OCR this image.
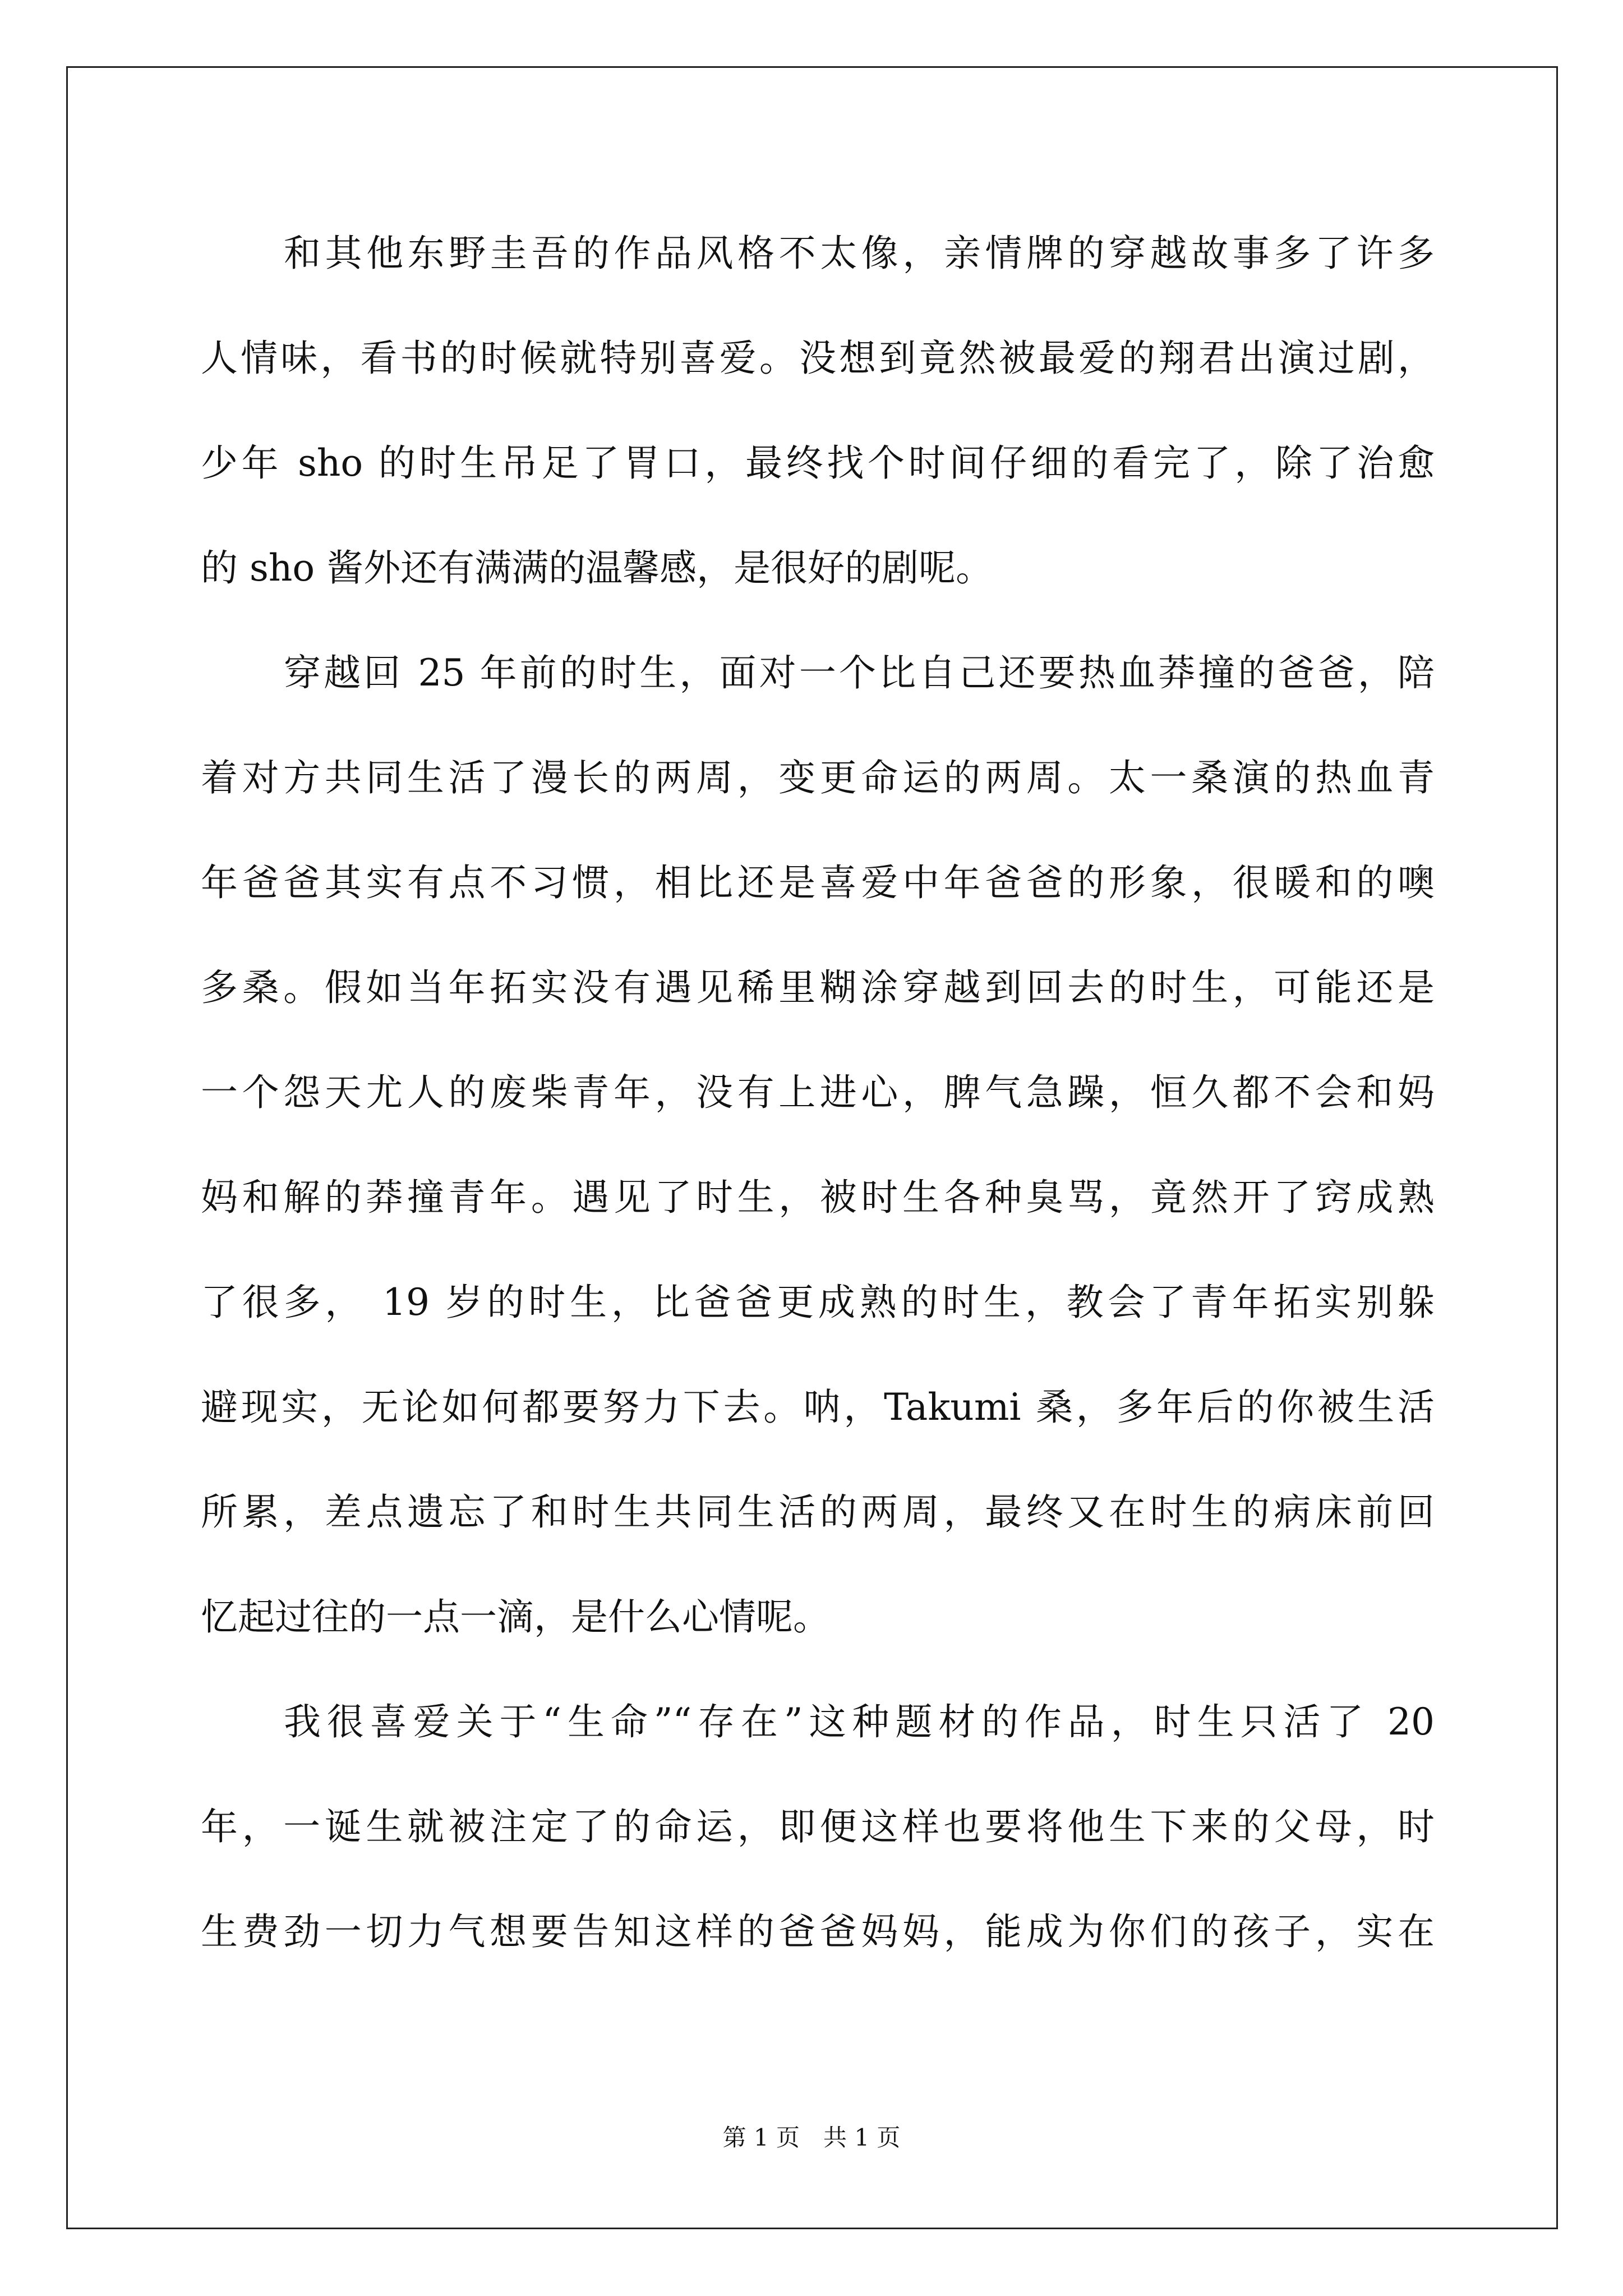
和其他东野圭吾的作品风格不太像，亲情牌的穿越故事多了许多
人情味，看书的时候就特别喜爱。没想到竟然被最爱的翔君出演过剧，
少年 sho 的时生吊足了胃口，最终找个时间仔细的看完了，除了治愈
的 sho 酱外还有满满的温馨感，是很好的剧呢。
穿越回 25 年前的时生，面对一个比自己还要热血莽撞的爸爸，陪
着对方共同生活了漫长的两周，变更命运的两周。太一桑演的热血青
年爸爸其实有点不习惯，相比还是喜爱中年爸爸的形象，很暖和的噢
多桑。假如当年拓实没有遇见稀里糊涂穿越到回去的时生，可能还是
一个怨天尤人的废柴青年，没有上进心，脾气急躁，恒久都不会和妈
妈和解的莽撞青年。遇见了时生，被时生各种臭骂，竟然开了窍成熟
了很多， 19 岁的时生，比爸爸更成熟的时生，教会了青年拓实别躲
避现实，无论如何都要努力下去。呐，Takumi 桑，多年后的你被生活
所累，差点遗忘了和时生共同生活的两周，最终又在时生的病床前回
忆起过往的一点一滴，是什么心情呢。
我很喜爱关于“生命”“存在”这种题材的作品，时生只活了 20
年，一诞生就被注定了的命运，即便这样也要将他生下来的父母，时
生费劲一切力气想要告知这样的爸爸妈妈，能成为你们的孩子，实在
第 1 页　共 1 页
